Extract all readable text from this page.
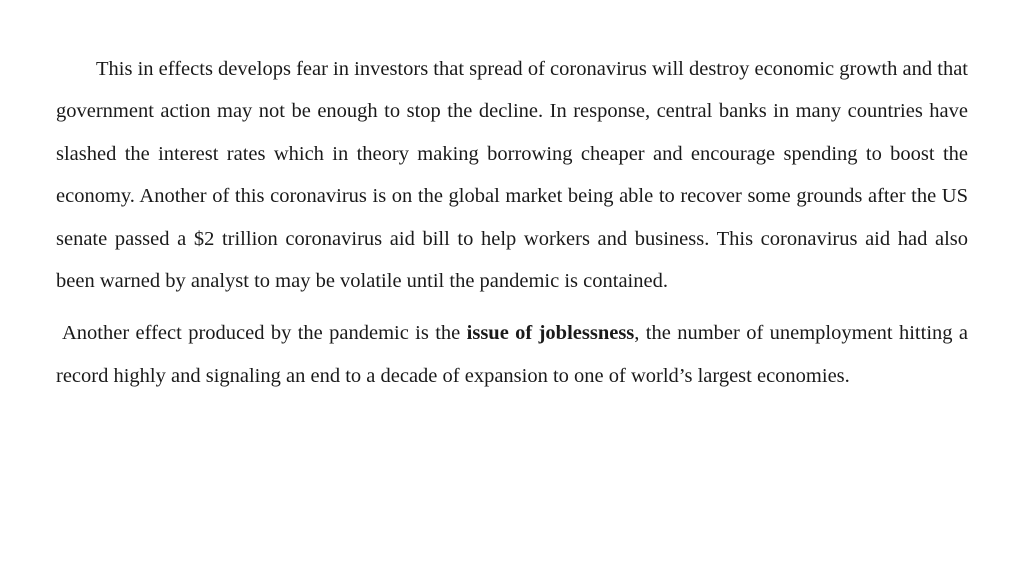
This in effects develops fear in investors that spread of coronavirus will destroy economic growth and that government action may not be enough to stop the decline. In response, central banks in many countries have slashed the interest rates which in theory making borrowing cheaper and encourage spending to boost the economy. Another of this coronavirus is on the global market being able to recover some grounds after the US senate passed a $2 trillion coronavirus aid bill to help workers and business. This coronavirus aid had also been warned by analyst to may be volatile until the pandemic is contained.

Another effect produced by the pandemic is the issue of joblessness, the number of unemployment hitting a record highly and signaling an end to a decade of expansion to one of world’s largest economies.
